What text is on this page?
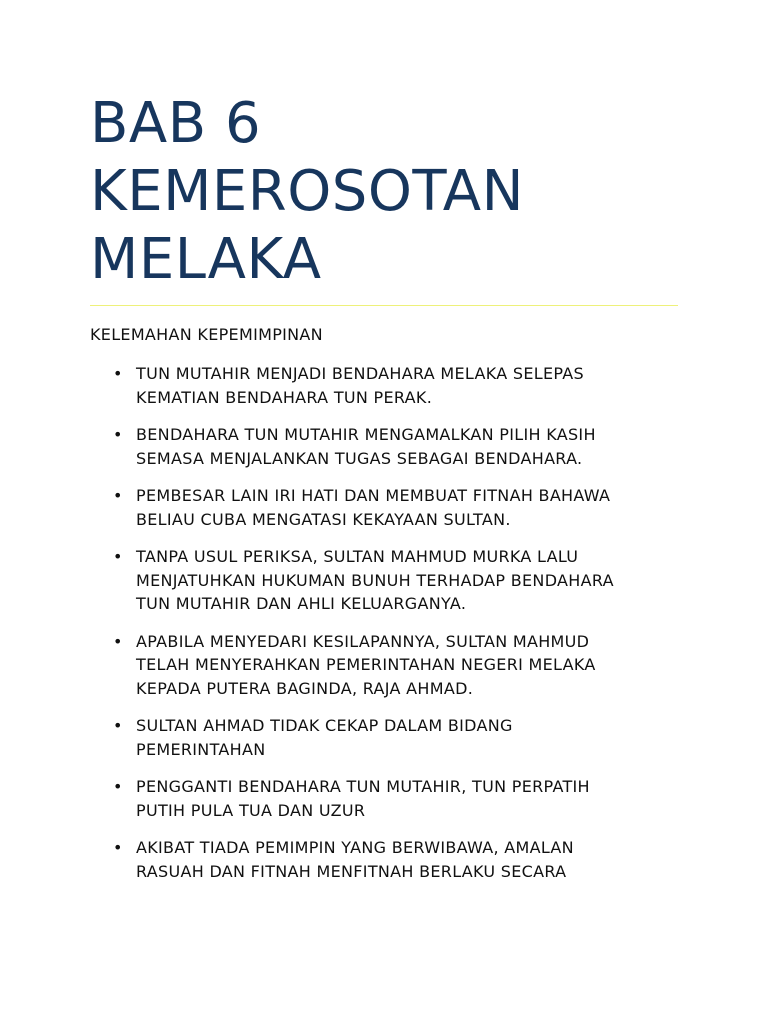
BAB 6
KEMEROSOTAN
MELAKA
KELEMAHAN KEPEMIMPINAN
• TUN MUTAHIR MENJADI BENDAHARA MELAKA SELEPAS
KEMATIAN BENDAHARA TUN PERAK.
• BENDAHARA TUN MUTAHIR MENGAMALKAN PILIH KASIH
SEMASA MENJALANKAN TUGAS SEBAGAI BENDAHARA.
• PEMBESAR LAIN IRI HATI DAN MEMBUAT FITNAH BAHAWA
BELIAU CUBA MENGATASI KEKAYAAN SULTAN.
• TANPA USUL PERIKSA, SULTAN MAHMUD MURKA LALU
MENJATUHKAN HUKUMAN BUNUH TERHADAP BENDAHARA
TUN MUTAHIR DAN AHLI KELUARGANYA.
• APABILA MENYEDARI KESILAPANNYA, SULTAN MAHMUD
TELAH MENYERAHKAN PEMERINTAHAN NEGERI MELAKA
KEPADA PUTERA BAGINDA, RAJA AHMAD.
• SULTAN AHMAD TIDAK CEKAP DALAM BIDANG
PEMERINTAHAN
• PENGGANTI BENDAHARA TUN MUTAHIR, TUN PERPATIH
PUTIH PULA TUA DAN UZUR
• AKIBAT TIADA PEMIMPIN YANG BERWIBAWA, AMALAN
RASUAH DAN FITNAH MENFITNAH BERLAKU SECARA
